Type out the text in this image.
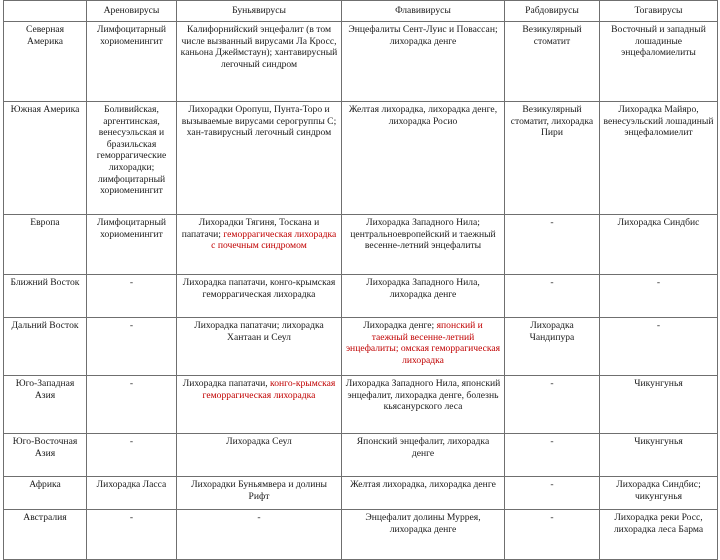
	Ареновирусы	Буньявирусы	Флавивирусы	Рабдовирусы	Тогавирусы
Северная Америка	Лимфоцитарный хориоменингит	Калифорнийский энцефалит (в том числе вызванный вирусами Ла Кросс, каньона Джеймстаун); хантавирусный легочный синдром	Энцефалиты Сент-Луис и Повассан; лихорадка денге	Везикулярный стоматит	Восточный и западный лошадиные энцефаломиелиты
Южная Америка	Боливийская, аргентинская, венесуэльская и бразильская геморрагические лихорадки; лимфоцитарный хориоменингит	Лихорадки Оропуш, Пунта-Торо и вызываемые вирусами серогруппы С; хан-тавирусный легочный синдром	Желтая лихорадка, лихорадка денге, лихорадка Росио	Везикулярный стоматит, лихорадка Пири	Лихорадка Майяро, венесуэльский лошадиный энцефаломиелит
Европа	Лимфоцитарный хориоменингит	Лихорадки Тягиня, Тоскана и папатачи; геморрагическая лихорадка с почечным синдромом	Лихорадка Западного Нила; центральноевропейский и таежный весенне-летний энцефалиты	-	Лихорадка Синдбис
Ближний Восток	-	Лихорадка папатачи, конго-крымская геморрагическая лихорадка	Лихорадка Западного Нила, лихорадка денге	-	-
Дальний Восток	-	Лихорадка папатачи; лихорадка Хантаан и Сеул	Лихорадка денге; японский и таежный весенне-летний энцефалиты; омская геморрагическая лихорадка	Лихорадка Чандипура	-
Юго-Западная Азия	-	Лихорадка папатачи, конго-крымская геморрагическая лихорадка	Лихорадка Западного Нила, японский энцефалит, лихорадка денге, болезнь кьясанурского леса	-	Чикунгунья
Юго-Восточная Азия	-	Лихорадка Сеул	Японский энцефалит, лихорадка денге	-	Чикунгунья
Африка	Лихорадка Ласса	Лихорадки Буньямвера и долины Рифт	Желтая лихорадка, лихорадка денге	-	Лихорадка Синдбис; чикунгунья
Австралия	-	-	Энцефалит долины Муррея, лихорадка денге	-	Лихорадка реки Росс, лихорадка леса Барма
